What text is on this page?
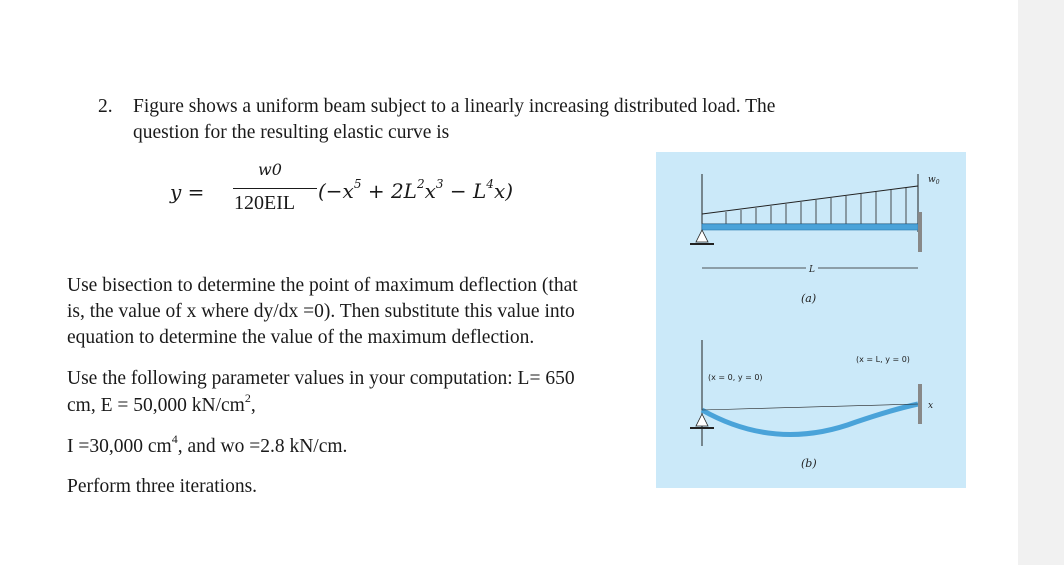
2. Figure shows a uniform beam subject to a linearly increasing distributed load. The
question for the resulting elastic curve is
y =
w0
120EIL $(-x^5 + 2L^2x^3 - L^4x)$
Use bisection to determine the point of maximum deflection (that
is, the value of x where dy/dx =0). Then substitute this value into
equation to determine the value of the maximum deflection.
Use the following parameter values in your computation: L= 650
cm, E = 50,000 $kN/cm^2$,
I =30,000 $cm^4$, and wo =2.8 kN/cm.
Perform three iterations.
$w_0$
L
(a)
(x = 0, y = 0)
(x = L, y = 0)
x
(b)
